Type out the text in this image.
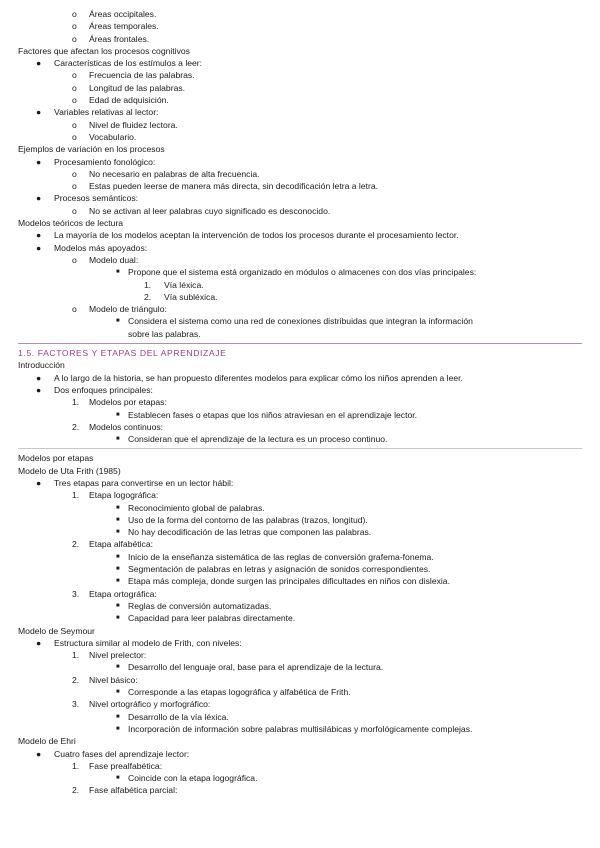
o Áreas occipitales.
o Áreas temporales.
o Áreas frontales.
Factores que afectan los procesos cognitivos
● Características de los estímulos a leer:
o Frecuencia de las palabras.
o Longitud de las palabras.
o Edad de adquisición.
● Variables relativas al lector:
o Nivel de fluidez lectora.
o Vocabulario.
Ejemplos de variación en los procesos
● Procesamiento fonológico:
o No necesario en palabras de alta frecuencia.
o Estas pueden leerse de manera más directa, sin decodificación letra a letra.
● Procesos semánticos:
o No se activan al leer palabras cuyo significado es desconocido.
Modelos teóricos de lectura
● La mayoría de los modelos aceptan la intervención de todos los procesos durante el procesamiento lector.
● Modelos más apoyados:
o Modelo dual:
■ Propone que el sistema está organizado en módulos o almacenes con dos vías principales:
1. Vía léxica.
2. Vía subléxica.
o Modelo de triángulo:
■ Considera el sistema como una red de conexiones distribuidas que integran la información
sobre las palabras.
1.5. FACTORES Y ETAPAS DEL APRENDIZAJE
Introducción
● A lo largo de la historia, se han propuesto diferentes modelos para explicar cómo los niños aprenden a leer.
● Dos enfoques principales:
1. Modelos por etapas:
■ Establecen fases o etapas que los niños atraviesan en el aprendizaje lector.
2. Modelos continuos:
■ Consideran que el aprendizaje de la lectura es un proceso continuo.
Modelos por etapas
Modelo de Uta Frith (1985)
● Tres etapas para convertirse en un lector hábil:
1. Etapa logográfica:
■ Reconocimiento global de palabras.
■ Uso de la forma del contorno de las palabras (trazos, longitud).
■ No hay decodificación de las letras que componen las palabras.
2. Etapa alfabética:
■ Inicio de la enseñanza sistemática de las reglas de conversión grafema-fonema.
■ Segmentación de palabras en letras y asignación de sonidos correspondientes.
■ Etapa más compleja, donde surgen las principales dificultades en niños con dislexia.
3. Etapa ortográfica:
■ Reglas de conversión automatizadas.
■ Capacidad para leer palabras directamente.
Modelo de Seymour
● Estructura similar al modelo de Frith, con niveles:
1. Nivel prelector:
■ Desarrollo del lenguaje oral, base para el aprendizaje de la lectura.
2. Nivel básico:
■ Corresponde a las etapas logográfica y alfabética de Frith.
3. Nivel ortográfico y morfográfico:
■ Desarrollo de la vía léxica.
■ Incorporación de información sobre palabras multisilábicas y morfológicamente complejas.
Modelo de Ehri
● Cuatro fases del aprendizaje lector:
1. Fase prealfabética:
■ Coincide con la etapa logográfica.
2. Fase alfabética parcial:
